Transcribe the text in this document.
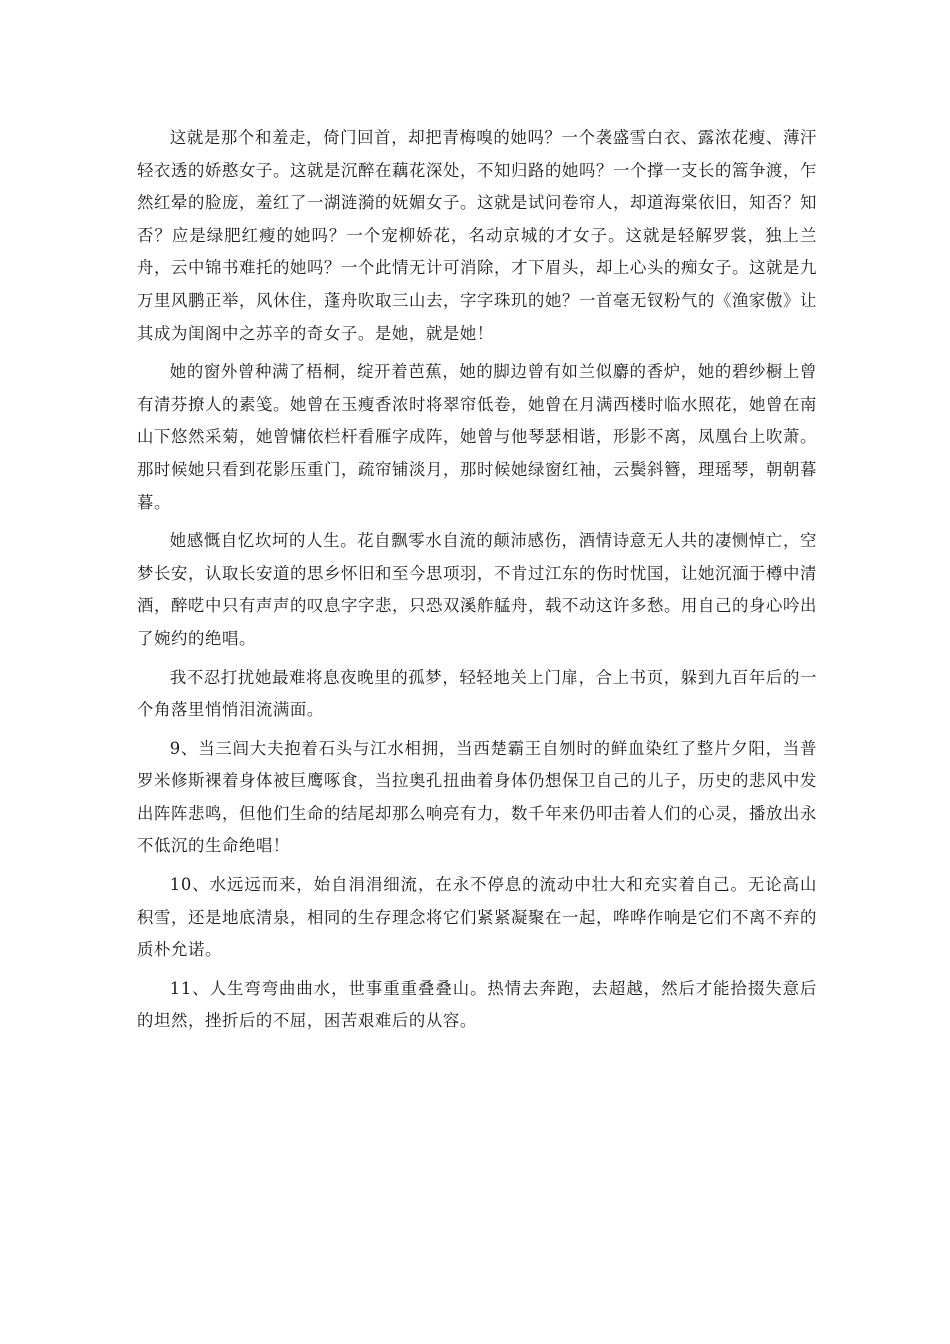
这就是那个和羞走，倚门回首，却把青梅嗅的她吗？一个袭盛雪白衣、露浓花瘦、薄汗轻衣透的娇憨女子。这就是沉醉在藕花深处，不知归路的她吗？一个撑一支长的篙争渡，乍然红晕的脸庞，羞红了一湖涟漪的妩媚女子。这就是试问卷帘人，却道海棠依旧，知否？知否？应是绿肥红瘦的她吗？一个宠柳娇花，名动京城的才女子。这就是轻解罗裳，独上兰舟，云中锦书难托的她吗？一个此情无计可消除，才下眉头，却上心头的痴女子。这就是九万里风鹏正举，风休住，蓬舟吹取三山去，字字珠玑的她？一首毫无钗粉气的《渔家傲》让其成为闺阁中之苏辛的奇女子。是她，就是她！

她的窗外曾种满了梧桐，绽开着芭蕉，她的脚边曾有如兰似麝的香炉，她的碧纱橱上曾有清芬撩人的素笺。她曾在玉瘦香浓时将翠帘低卷，她曾在月满西楼时临水照花，她曾在南山下悠然采菊，她曾慵依栏杆看雁字成阵，她曾与他琴瑟相谐，形影不离，凤凰台上吹萧。那时候她只看到花影压重门，疏帘铺淡月，那时候她绿窗红袖，云鬓斜簪，理瑶琴，朝朝暮暮。

她感慨自忆坎坷的人生。花自飘零水自流的颠沛感伤，酒情诗意无人共的凄恻悼亡，空梦长安，认取长安道的思乡怀旧和至今思项羽，不肯过江东的伤时忧国，让她沉湎于樽中清酒，醉呓中只有声声的叹息字字悲，只恐双溪舴艋舟，载不动这许多愁。用自己的身心吟出了婉约的绝唱。

我不忍打扰她最难将息夜晚里的孤梦，轻轻地关上门扉，合上书页，躲到九百年后的一个角落里悄悄泪流满面。

9、当三闾大夫抱着石头与江水相拥，当西楚霸王自刎时的鲜血染红了整片夕阳，当普罗米修斯裸着身体被巨鹰啄食，当拉奥孔扭曲着身体仍想保卫自己的儿子，历史的悲风中发出阵阵悲鸣，但他们生命的结尾却那么响亮有力，数千年来仍叩击着人们的心灵，播放出永不低沉的生命绝唱！

10、水远远而来，始自涓涓细流，在永不停息的流动中壮大和充实着自己。无论高山积雪，还是地底清泉，相同的生存理念将它们紧紧凝聚在一起，哗哗作响是它们不离不弃的质朴允诺。

11、人生弯弯曲曲水，世事重重叠叠山。热情去奔跑，去超越，然后才能拾掇失意后的坦然，挫折后的不屈，困苦艰难后的从容。
